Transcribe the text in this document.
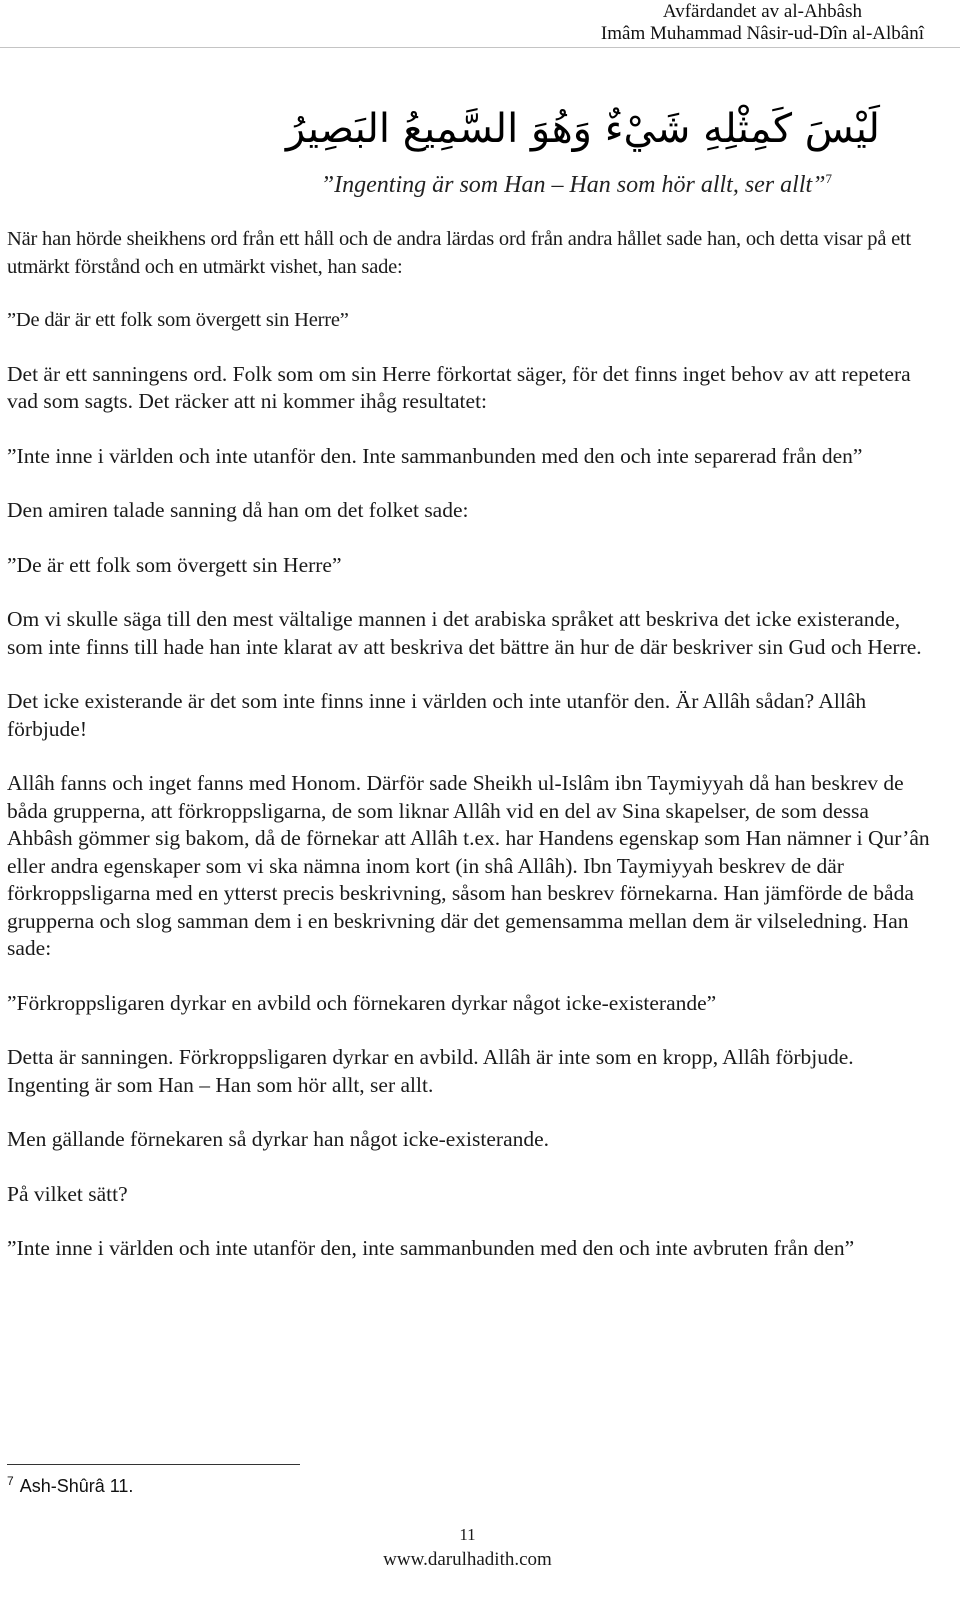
Avfärdandet av al-Ahbâsh
Imâm Muhammad Nâsir-ud-Dîn al-Albânî
لَيْسَ كَمِثْلِهِ شَيْءٌ وَهُوَ السَّمِيعُ البَصِيرُ
”Ingenting är som Han – Han som hör allt, ser allt”$^7$

När han hörde sheikhens ord från ett håll och de andra lärdas ord från andra hållet sade han, och detta visar på ett utmärkt förstånd och en utmärkt vishet, han sade:

”De där är ett folk som övergett sin Herre”

Det är ett sanningens ord. Folk som om sin Herre förkortat säger, för det finns inget behov av att repetera vad som sagts. Det räcker att ni kommer ihåg resultatet:

”Inte inne i världen och inte utanför den. Inte sammanbunden med den och inte separerad från den”

Den amiren talade sanning då han om det folket sade:

”De är ett folk som övergett sin Herre”

Om vi skulle säga till den mest vältalige mannen i det arabiska språket att beskriva det icke existerande, som inte finns till hade han inte klarat av att beskriva det bättre än hur de där beskriver sin Gud och Herre.

Det icke existerande är det som inte finns inne i världen och inte utanför den. Är Allâh sådan? Allâh förbjude!

Allâh fanns och inget fanns med Honom. Därför sade Sheikh ul-Islâm ibn Taymiyyah då han beskrev de båda grupperna, att förkroppsligarna, de som liknar Allâh vid en del av Sina skapelser, de som dessa Ahbâsh gömmer sig bakom, då de förnekar att Allâh t.ex. har Handens egenskap som Han nämner i Qur’ân eller andra egenskaper som vi ska nämna inom kort (in shâ Allâh). Ibn Taymiyyah beskrev de där förkroppsligarna med en ytterst precis beskrivning, såsom han beskrev förnekarna. Han jämförde de båda grupperna och slog samman dem i en beskrivning där det gemensamma mellan dem är vilseledning. Han sade:

”Förkroppsligaren dyrkar en avbild och förnekaren dyrkar något icke-existerande”

Detta är sanningen. Förkroppsligaren dyrkar en avbild. Allâh är inte som en kropp, Allâh förbjude. Ingenting är som Han – Han som hör allt, ser allt.

Men gällande förnekaren så dyrkar han något icke-existerande.

På vilket sätt?

”Inte inne i världen och inte utanför den, inte sammanbunden med den och inte avbruten från den”

$^7$ Ash-Shûrâ 11.
11
www.darulhadith.com
